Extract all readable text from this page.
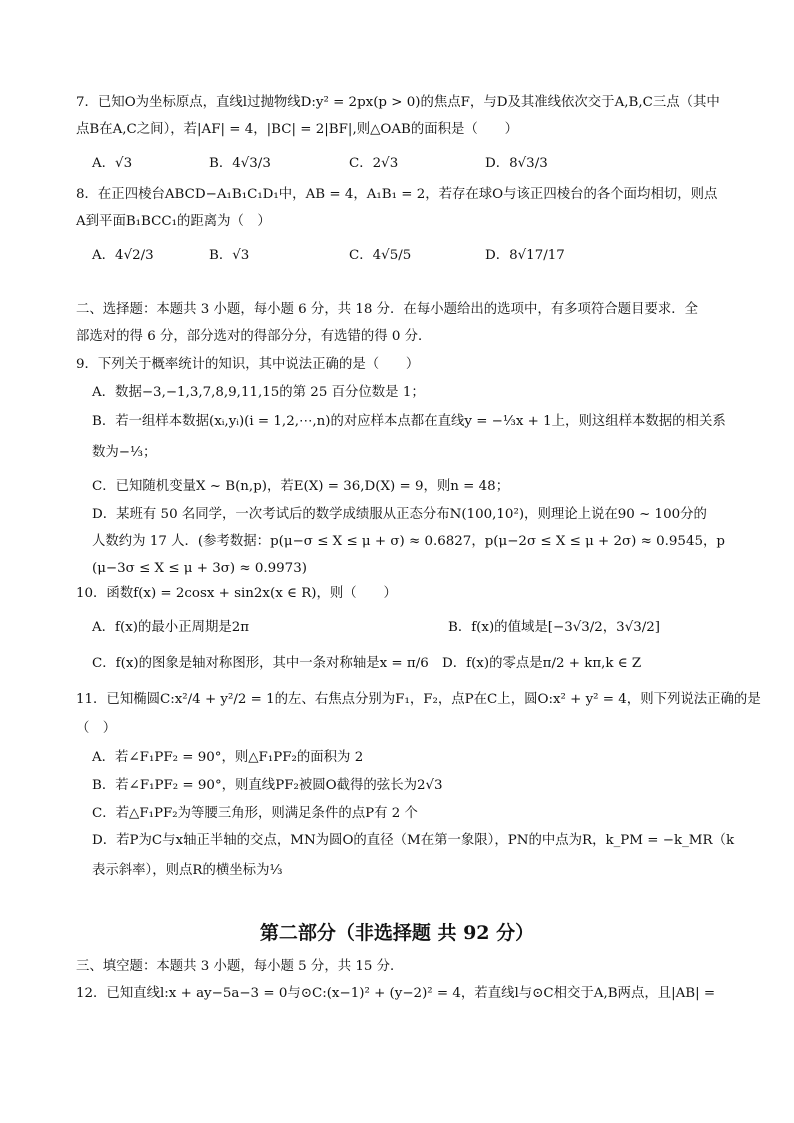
7．已知O为坐标原点，直线l过抛物线D:y² = 2px(p > 0)的焦点F，与D及其准线依次交于A,B,C三点（其中
点B在A,C之间），若|AF| = 4，|BC| = 2|BF|,则△OAB的面积是（　　）
A．√3	B．4√3/3	C．2√3	D．8√3/3
8．在正四棱台ABCD−A₁B₁C₁D₁中，AB = 4，A₁B₁ = 2，若存在球O与该正四棱台的各个面均相切，则点
A到平面B₁BCC₁的距离为（　）
A．4√2/3	B．√3	C．4√5/5	D．8√17/17
二、选择题：本题共 3 小题，每小题 6 分，共 18 分．在每小题给出的选项中，有多项符合题目要求．全
部选对的得 6 分，部分选对的得部分分，有选错的得 0 分．
9．下列关于概率统计的知识，其中说法正确的是（　　）
A．数据−3,−1,3,7,8,9,11,15的第 25 百分位数是 1；
B．若一组样本数据(xᵢ,yᵢ)(i = 1,2,⋯,n)的对应样本点都在直线y = −⅓x + 1上，则这组样本数据的相关系
数为−⅓；
C．已知随机变量X ~ B(n,p)，若E(X) = 36,D(X) = 9，则n = 48；
D．某班有 50 名同学，一次考试后的数学成绩服从正态分布N(100,10²)，则理论上说在90 ~ 100分的
人数约为 17 人．(参考数据：p(μ−σ ≤ X ≤ μ + σ) ≈ 0.6827，p(μ−2σ ≤ X ≤ μ + 2σ) ≈ 0.9545，p
(μ−3σ ≤ X ≤ μ + 3σ) ≈ 0.9973)
10．函数f(x) = 2cosx + sin2x(x ∈ R)，则（　　）
A．f(x)的最小正周期是2π	B．f(x)的值域是[−3√3/2，3√3/2]
C．f(x)的图象是轴对称图形，其中一条对称轴是x = π/6 D．f(x)的零点是π/2 + kπ,k ∈ Z
11．已知椭圆C:x²/4 + y²/2 = 1的左、右焦点分别为F₁，F₂，点P在C上，圆O:x² + y² = 4，则下列说法正确的是
（　）
A．若∠F₁PF₂ = 90°，则△F₁PF₂的面积为 2
B．若∠F₁PF₂ = 90°，则直线PF₂被圆O截得的弦长为2√3
C．若△F₁PF₂为等腰三角形，则满足条件的点P有 2 个
D．若P为C与x轴正半轴的交点，MN为圆O的直径（M在第一象限），PN的中点为R，k_PM = −k_MR（k
表示斜率），则点R的横坐标为⅓
第二部分（非选择题 共 92 分）
三、填空题：本题共 3 小题，每小题 5 分，共 15 分．
12．已知直线l:x + ay−5a−3 = 0与⊙C:(x−1)² + (y−2)² = 4，若直线l与⊙C相交于A,B两点，且|AB| =
